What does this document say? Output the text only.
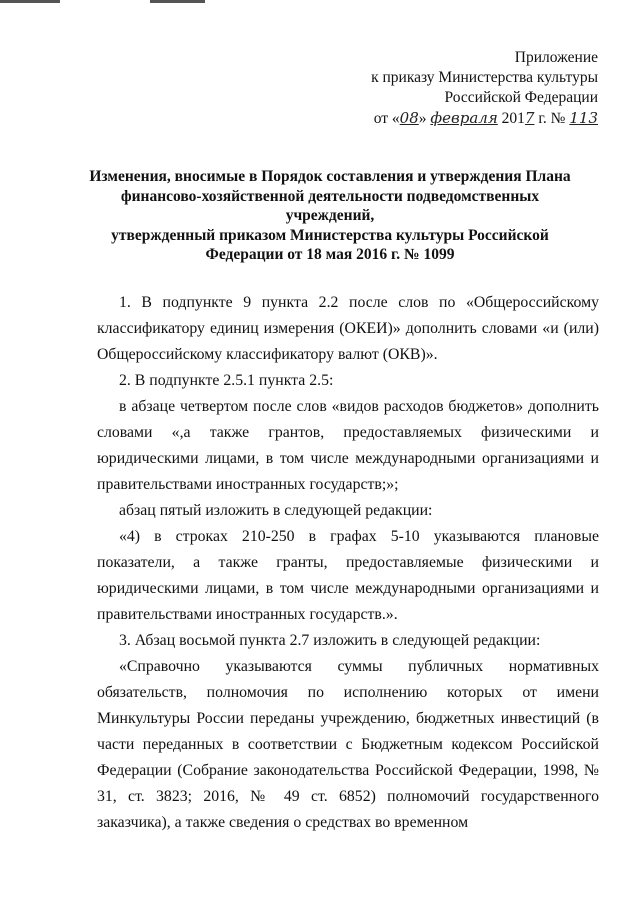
Приложение
к приказу Министерства культуры
Российской Федерации
от «08» февраля 2017 г. № 113
Изменения, вносимые в Порядок составления и утверждения Плана
финансово-хозяйственной деятельности подведомственных учреждений,
утвержденный приказом Министерства культуры Российской
Федерации от 18 мая 2016 г. № 1099

1. В подпункте 9 пункта 2.2 после слов по «Общероссийскому классификатору единиц измерения (ОКЕИ)» дополнить словами «и (или) Общероссийскому классификатору валют (ОКВ)».

2. В подпункте 2.5.1 пункта 2.5:

в абзаце четвертом после слов «видов расходов бюджетов» дополнить словами «,а также грантов, предоставляемых физическими и юридическими лицами, в том числе международными организациями и правительствами иностранных государств;»;

абзац пятый изложить в следующей редакции:

«4) в строках 210-250 в графах 5-10 указываются плановые показатели, а также гранты, предоставляемые физическими и юридическими лицами, в том числе международными организациями и правительствами иностранных государств.».

3. Абзац восьмой пункта 2.7 изложить в следующей редакции:

«Справочно указываются суммы публичных нормативных обязательств, полномочия по исполнению которых от имени Минкультуры России переданы учреждению, бюджетных инвестиций (в части переданных в соответствии с Бюджетным кодексом Российской Федерации (Собрание законодательства Российской Федерации, 1998, № 31, ст. 3823; 2016, № 49 ст. 6852) полномочий государственного заказчика), а также сведения о средствах во временном
